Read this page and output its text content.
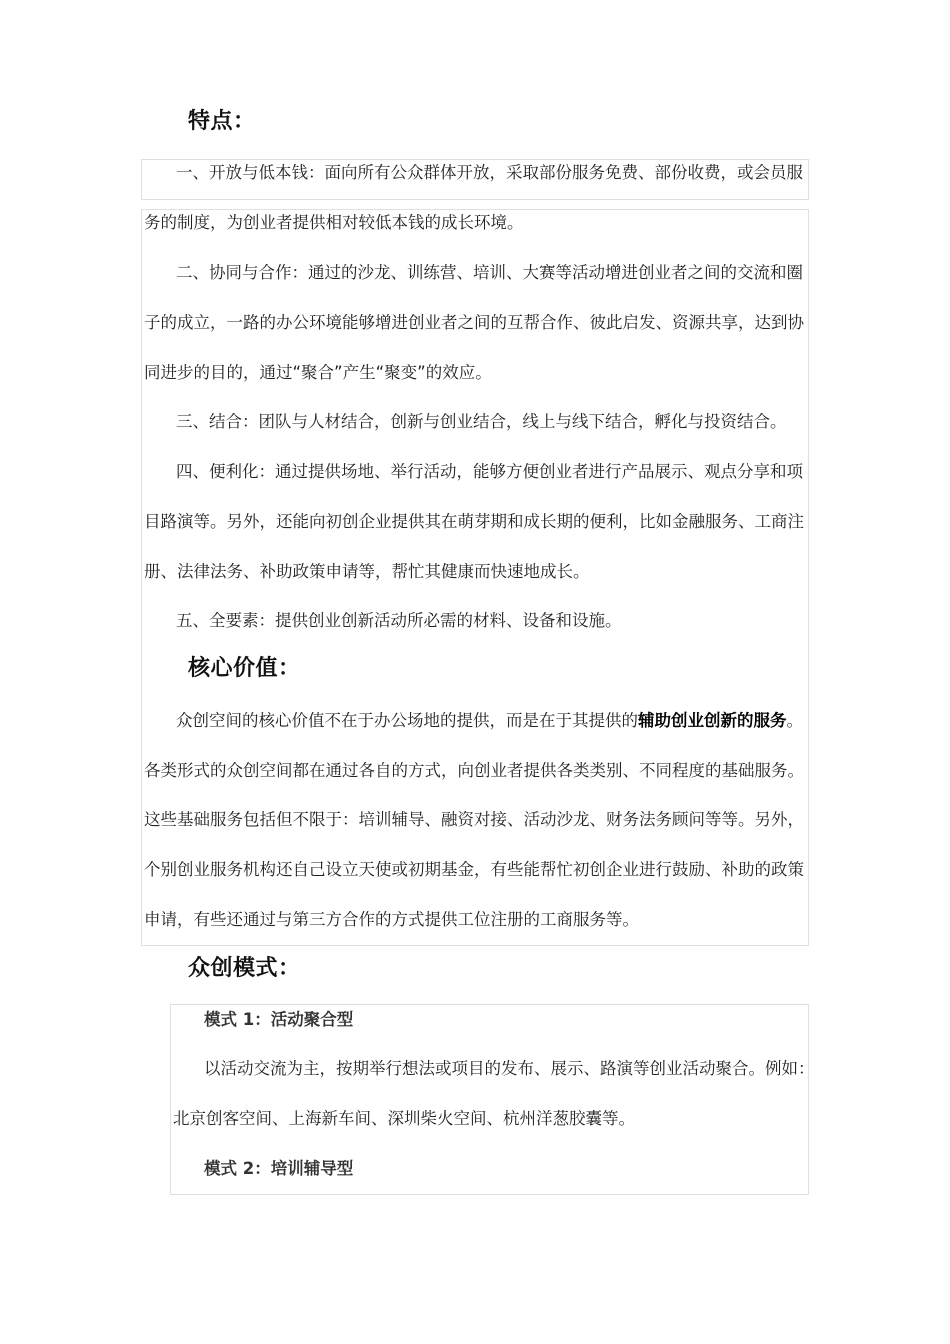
特点：
一、开放与低本钱：面向所有公众群体开放，采取部份服务免费、部份收费，或会员服
务的制度，为创业者提供相对较低本钱的成长环境。
二、协同与合作：通过的沙龙、训练营、培训、大赛等活动增进创业者之间的交流和圈
子的成立，一路的办公环境能够增进创业者之间的互帮合作、彼此启发、资源共享，达到协
同进步的目的，通过“聚合”产生“聚变”的效应。
三、结合：团队与人材结合，创新与创业结合，线上与线下结合，孵化与投资结合。
四、便利化：通过提供场地、举行活动，能够方便创业者进行产品展示、观点分享和项
目路演等。另外，还能向初创企业提供其在萌芽期和成长期的便利，比如金融服务、工商注
册、法律法务、补助政策申请等，帮忙其健康而快速地成长。
五、全要素：提供创业创新活动所必需的材料、设备和设施。
核心价值：
众创空间的核心价值不在于办公场地的提供，而是在于其提供的辅助创业创新的服务。
各类形式的众创空间都在通过各自的方式，向创业者提供各类类别、不同程度的基础服务。
这些基础服务包括但不限于：培训辅导、融资对接、活动沙龙、财务法务顾问等等。另外，
个别创业服务机构还自己设立天使或初期基金，有些能帮忙初创企业进行鼓励、补助的政策
申请，有些还通过与第三方合作的方式提供工位注册的工商服务等。
众创模式：
模式 1：活动聚合型
以活动交流为主，按期举行想法或项目的发布、展示、路演等创业活动聚合。例如：
北京创客空间、上海新车间、深圳柴火空间、杭州洋葱胶囊等。
模式 2：培训辅导型
